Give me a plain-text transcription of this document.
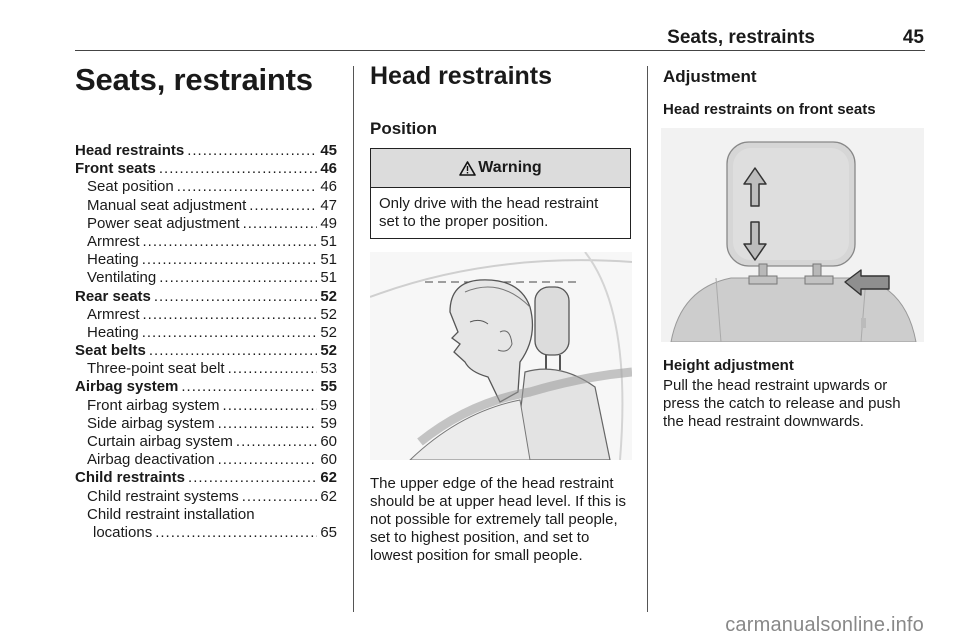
Seats, restraints	45
Seats, restraints
Head restraints .....	45
Front seats .....	46
Seat position .....	46
Manual seat adjustment .....	47
Power seat adjustment .....	49
Armrest .....	51
Heating .....	51
Ventilating .....	51
Rear seats .....	52
Armrest .....	52
Heating .....	52
Seat belts .....	52
Three-point seat belt .....	53
Airbag system .....	55
Front airbag system .....	59
Side airbag system .....	59
Curtain airbag system .....	60
Airbag deactivation .....	60
Child restraints .....	62
Child restraint systems .....	62
Child restraint installation
locations .....	65
Head restraints
Position
Warning
Only drive with the head restraint set to the proper position.
The upper edge of the head restraint should be at upper head level. If this is not possible for extremely tall people, set to highest position, and set to lowest position for small people.
Adjustment
Head restraints on front seats
Height adjustment
Pull the head restraint upwards or press the catch to release and push the head restraint downwards.
carmanualsonline.info
